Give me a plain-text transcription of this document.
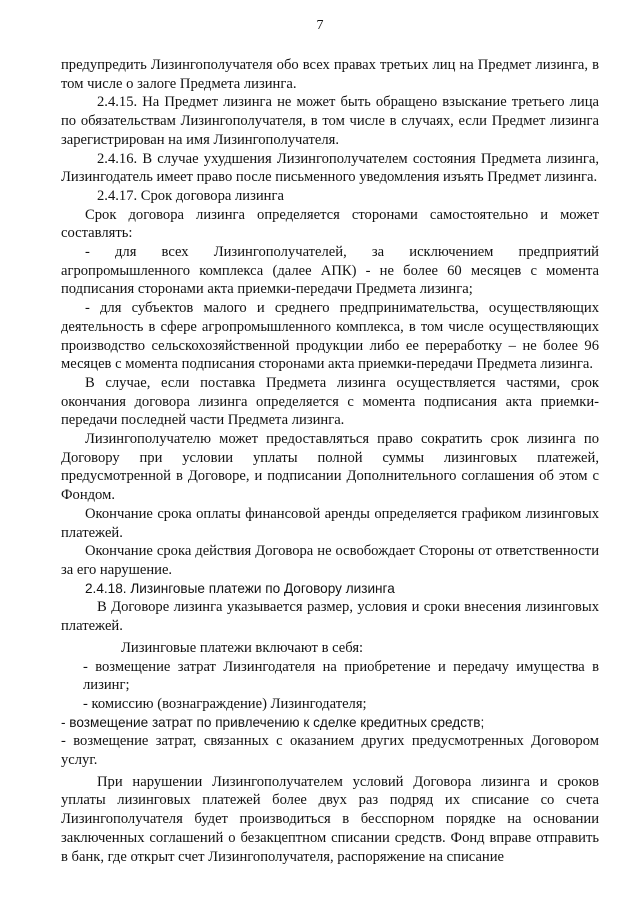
7

предупредить Лизингополучателя обо всех правах третьих лиц на Предмет лизинга, в том числе о залоге Предмета лизинга.

2.4.15. На Предмет лизинга не может быть обращено взыскание третьего лица по обязательствам Лизингополучателя, в том числе в случаях, если Предмет лизинга зарегистрирован на имя Лизингополучателя.

2.4.16. В случае ухудшения Лизингополучателем состояния Предмета лизинга, Лизингодатель имеет право после письменного уведомления изъять Предмет лизинга.

2.4.17. Срок договора лизинга

Срок договора лизинга определяется сторонами самостоятельно и может составлять:

- для всех Лизингополучателей, за исключением предприятий агропромышленного комплекса (далее АПК) - не более 60 месяцев с момента подписания сторонами акта приемки-передачи Предмета лизинга;

- для субъектов малого и среднего предпринимательства, осуществляющих деятельность в сфере агропромышленного комплекса, в том числе осуществляющих производство сельскохозяйственной продукции либо ее переработку – не более 96 месяцев с момента подписания сторонами акта приемки-передачи Предмета лизинга.

В случае, если поставка Предмета лизинга осуществляется частями, срок окончания договора лизинга определяется с момента подписания акта приемки-передачи последней части Предмета лизинга.

Лизингополучателю может предоставляться право сократить срок лизинга по Договору при условии уплаты полной суммы лизинговых платежей, предусмотренной в Договоре, и подписании Дополнительного соглашения об этом с Фондом.

Окончание срока оплаты финансовой аренды определяется графиком лизинговых платежей.

Окончание срока действия Договора не освобождает Стороны от ответственности за его нарушение.

2.4.18. Лизинговые платежи по Договору лизинга

В Договоре лизинга указывается размер, условия и сроки внесения лизинговых платежей.

Лизинговые платежи включают в себя:

- возмещение затрат Лизингодателя на приобретение и передачу имущества в лизинг;

- комиссию (вознаграждение) Лизингодателя;

- возмещение затрат по привлечению к сделке кредитных средств;

- возмещение затрат, связанных с оказанием других предусмотренных Договором услуг.

При нарушении Лизингополучателем условий Договора лизинга и сроков уплаты лизинговых платежей более двух раз подряд их списание со счета Лизингополучателя будет производиться в бесспорном порядке на основании заключенных соглашений о безакцептном списании средств. Фонд вправе отправить в банк, где открыт счет Лизингополучателя, распоряжение на списание
